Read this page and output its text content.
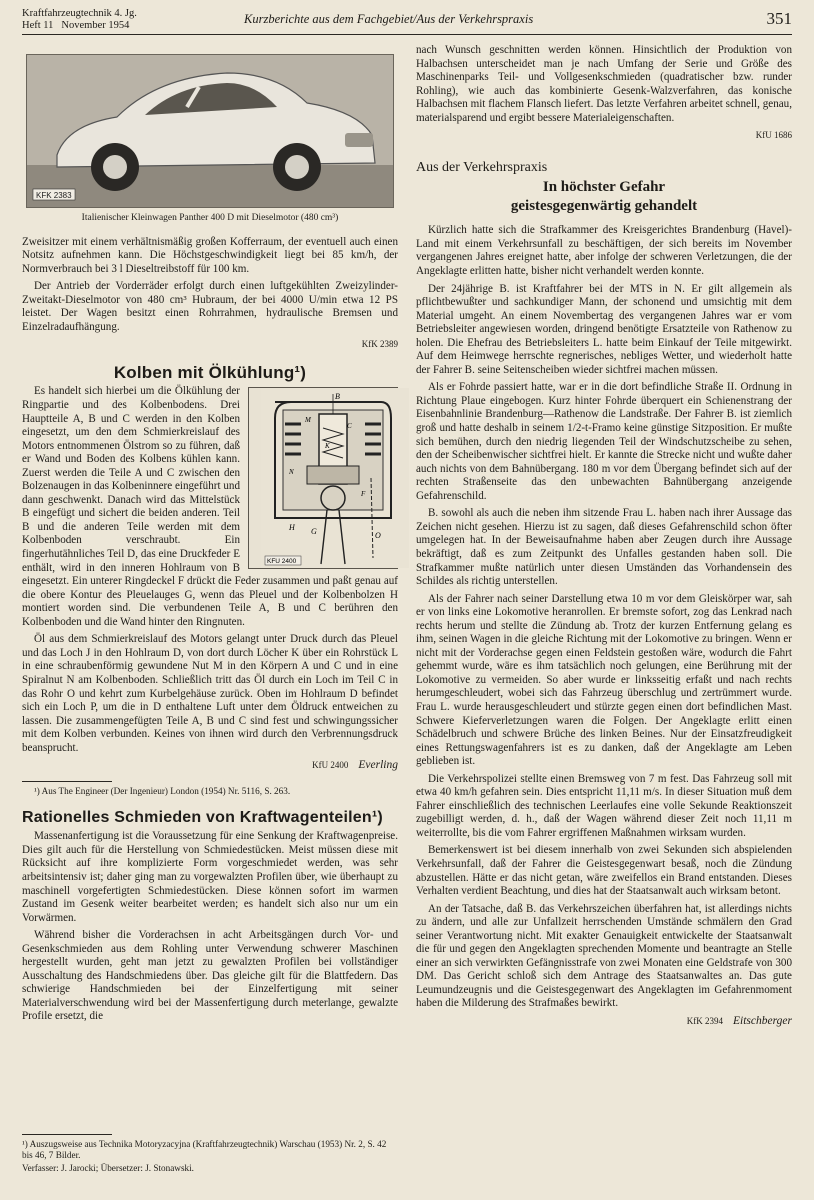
Kraftfahrzeugtechnik 4. Jg.
Heft 11 November 1954	Kurzberichte aus dem Fachgebiet/Aus der Verkehrspraxis	351
KFK 2383
Italienischer Kleinwagen Panther 400 D mit Dieselmotor (480 cm³)

Zweisitzer mit einem verhältnismäßig großen Kofferraum, der eventuell auch einen Notsitz aufnehmen kann. Die Höchstgeschwindigkeit liegt bei 85 km/h, der Normverbrauch bei 3 l Dieseltreibstoff für 100 km.

Der Antrieb der Vorderräder erfolgt durch einen luftgekühlten Zweizylinder-Zweitakt-Dieselmotor von 480 cm³ Hubraum, der bei 4000 U/min etwa 12 PS leistet. Der Wagen besitzt einen Rohrrahmen, hydraulische Bremsen und Einzelradaufhängung.

KfK 2389
Kolben mit Ölkühlung¹)

B
M
C
N
K
H G	O
F
KFU 2400
Es handelt sich hierbei um die Ölkühlung der Ringpartie und des Kolbenbodens. Drei Hauptteile A, B und C werden in den Kolben eingesetzt, um den dem Schmierkreislauf des Motors entnommenen Ölstrom so zu führen, daß er Wand und Boden des Kolbens kühlen kann. Zuerst werden die Teile A und C zwischen den Bolzenaugen in das Kolbeninnere eingeführt und dann geschwenkt. Danach wird das Mittelstück B eingefügt und sichert die beiden anderen. Teil B und die anderen Teile werden mit dem Kolbenboden verschraubt. Ein fingerhutähnliches Teil D, das eine Druckfeder E enthält, wird in den inneren Hohlraum von B eingesetzt. Ein unterer Ringdeckel F drückt die Feder zusammen und paßt genau auf die obere Kontur des Pleuelauges G, wenn das Pleuel und der Kolbenbolzen H montiert worden sind. Die verbundenen Teile A, B und C berühren den Kolbenboden und die Wand hinter den Ringnuten.

Öl aus dem Schmierkreislauf des Motors gelangt unter Druck durch das Pleuel und das Loch J in den Hohlraum D, von dort durch Löcher K über ein Rohrstück L in eine schraubenförmig gewundene Nut M in den Körpern A und C und in eine Spiralnut N am Kolbenboden. Schließlich tritt das Öl durch ein Loch im Teil C in das Rohr O und kehrt zum Kurbelgehäuse zurück. Oben im Hohlraum D befindet sich ein Loch P, um die in D enthaltene Luft unter dem Öldruck entweichen zu lassen. Die zusammengefügten Teile A, B und C sind fest und schwingungssicher mit dem Kolben verbunden. Keines von ihnen wird durch den Verbrennungsdruck beansprucht.

KfU 2400 Everling

¹) Aus The Engineer (Der Ingenieur) London (1954) Nr. 5116, S. 263.

Rationelles Schmieden von Kraftwagenteilen¹)

Massenanfertigung ist die Voraussetzung für eine Senkung der Kraftwagenpreise. Dies gilt auch für die Herstellung von Schmiedestücken. Meist müssen diese mit Rücksicht auf ihre komplizierte Form vorgeschmiedet werden, was sehr arbeitsintensiv ist; daher ging man zu vorgewalzten Profilen über, wie überhaupt zu maschinell vorgefertigten Schmiedestücken. Diese können sofort im warmen Zustand im Gesenk weiter bearbeitet werden; es handelt sich also nur um ein Vorwärmen.

Während bisher die Vorderachsen in acht Arbeitsgängen durch Vor- und Gesenkschmieden aus dem Rohling unter Verwendung schwerer Maschinen hergestellt wurden, geht man jetzt zu gewalzten Profilen bei vollständiger Ausschaltung des Handschmiedens über. Das gleiche gilt für die Blattfedern. Das schwierige Handschmieden bei der Einzelfertigung mit seiner Materialverschwendung wird bei der Massenfertigung durch meterlange, gewalzte Profile ersetzt, die

¹) Auszugsweise aus Technika Motoryzacyjna (Kraftfahrzeugtechnik) Warschau (1953) Nr. 2, S. 42 bis 46, 7 Bilder.

Verfasser: J. Jarocki; Übersetzer: J. Stonawski.

nach Wunsch geschnitten werden können. Hinsichtlich der Produktion von Halbachsen unterscheidet man je nach Umfang der Serie und Größe des Maschinenparks Teil- und Vollgesenkschmieden (quadratischer bzw. runder Rohling), wie auch das kombinierte Gesenk-Walzverfahren, das konische Halbachsen mit flachem Flansch liefert. Das letzte Verfahren arbeitet schnell, genau, materialsparend und ergibt bessere Materialeigenschaften.

KfU 1686
Aus der Verkehrspraxis
In höchster Gefahr
geistesgegenwärtig gehandelt

Kürzlich hatte sich die Strafkammer des Kreisgerichtes Brandenburg (Havel)-Land mit einem Verkehrsunfall zu beschäftigen, der sich bereits im November vergangenen Jahres ereignet hatte, aber infolge der schweren Verletzungen, die der Angeklagte erlitten hatte, bisher nicht verhandelt werden konnte.

Der 24jährige B. ist Kraftfahrer bei der MTS in N. Er gilt allgemein als pflichtbewußter und sachkundiger Mann, der schonend und umsichtig mit dem Material umgeht. An einem Novembertag des vergangenen Jahres war er vom Betriebsleiter angewiesen worden, dringend benötigte Ersatzteile von Rathenow zu holen. Die Ehefrau des Betriebsleiters L. hatte beim Einkauf der Teile mitgewirkt. Auf dem Heimwege herrschte regnerisches, nebliges Wetter, und wiederholt hatte der Fahrer B. seine Seitenscheiben wieder sichtfrei machen müssen.

Als er Fohrde passiert hatte, war er in die dort befindliche Straße II. Ordnung in Richtung Plaue eingebogen. Kurz hinter Fohrde überquert ein Schienenstrang der Eisenbahnlinie Brandenburg—Rathenow die Landstraße. Der Fahrer B. ist ziemlich groß und hatte deshalb in seinem 1/2-t-Framo keine günstige Sitzposition. Er mußte sich bemühen, durch den niedrig liegenden Teil der Windschutzscheibe zu sehen, den der Scheibenwischer sichtfrei hielt. Er kannte die Strecke nicht und wußte daher auch nichts von dem Bahnübergang. 180 m vor dem Übergang befindet sich auf der rechten Straßenseite das den unbewachten Bahnübergang anzeigende Gefahrenschild.

B. sowohl als auch die neben ihm sitzende Frau L. haben nach ihrer Aussage das Zeichen nicht gesehen. Hierzu ist zu sagen, daß dieses Gefahrenschild schon öfter umgelegen hat. In der Beweisaufnahme haben aber Zeugen durch ihre Aussage bekräftigt, daß es zum Zeitpunkt des Unfalles gestanden haben soll. Die Strafkammer mußte natürlich unter diesen Umständen das Vorhandensein des Schildes als richtig unterstellen.

Als der Fahrer nach seiner Darstellung etwa 10 m vor dem Gleiskörper war, sah er von links eine Lokomotive heranrollen. Er bremste sofort, zog das Lenkrad nach rechts herum und stellte die Zündung ab. Trotz der kurzen Entfernung gelang es ihm, seinen Wagen in die gleiche Richtung mit der Lokomotive zu bringen. Wenn er nicht mit der Vorderachse gegen einen Feldstein gestoßen wäre, wodurch die Fahrt gehemmt wurde, wäre es ihm tatsächlich noch gelungen, eine Berührung mit der Lokomotive zu vermeiden. So aber wurde er linksseitig erfaßt und nach rechts herumgeschleudert, wobei sich das Fahrzeug überschlug und zertrümmert wurde. Frau L. wurde herausgeschleudert und stürzte gegen einen dort befindlichen Mast. Schwere Kieferverletzungen waren die Folgen. Der Angeklagte erlitt einen Schädelbruch und schwere Brüche des linken Beines. Nur der Einsatzfreudigkeit eines Rettungswagenfahrers ist es zu danken, daß der Angeklagte am Leben geblieben ist.

Die Verkehrspolizei stellte einen Bremsweg von 7 m fest. Das Fahrzeug soll mit etwa 40 km/h gefahren sein. Dies entspricht 11,11 m/s. In dieser Situation muß dem Fahrer einschließlich des technischen Leerlaufes eine volle Sekunde Reaktionszeit zugebilligt werden, d. h., daß der Wagen während dieser Zeit noch 11,11 m weiterrollte, bis die vom Fahrer ergriffenen Maßnahmen wirksam wurden.

Bemerkenswert ist bei diesem innerhalb von zwei Sekunden sich abspielenden Verkehrsunfall, daß der Fahrer die Geistesgegenwart besaß, noch die Zündung abzustellen. Hätte er das nicht getan, wäre zweifellos ein Brand entstanden. Dieses Verhalten verdient Beachtung, und dies hat der Staatsanwalt auch wirksam betont.

An der Tatsache, daß B. das Verkehrszeichen überfahren hat, ist allerdings nichts zu ändern, und alle zur Unfallzeit herrschenden Umstände schmälern den Grad seiner Verantwortung nicht. Mit exakter Genauigkeit entwickelte der Staatsanwalt die für und gegen den Angeklagten sprechenden Momente und beantragte an Stelle einer an sich verwirkten Gefängnisstrafe von zwei Monaten eine Geldstrafe von 300 DM. Das Gericht schloß sich dem Antrage des Staatsanwaltes an. Das gute Leumundzeugnis und die Geistesgegenwart des Angeklagten im Gefahrenmoment haben die Milderung des Strafmaßes bewirkt.

KfK 2394 Eitschberger
